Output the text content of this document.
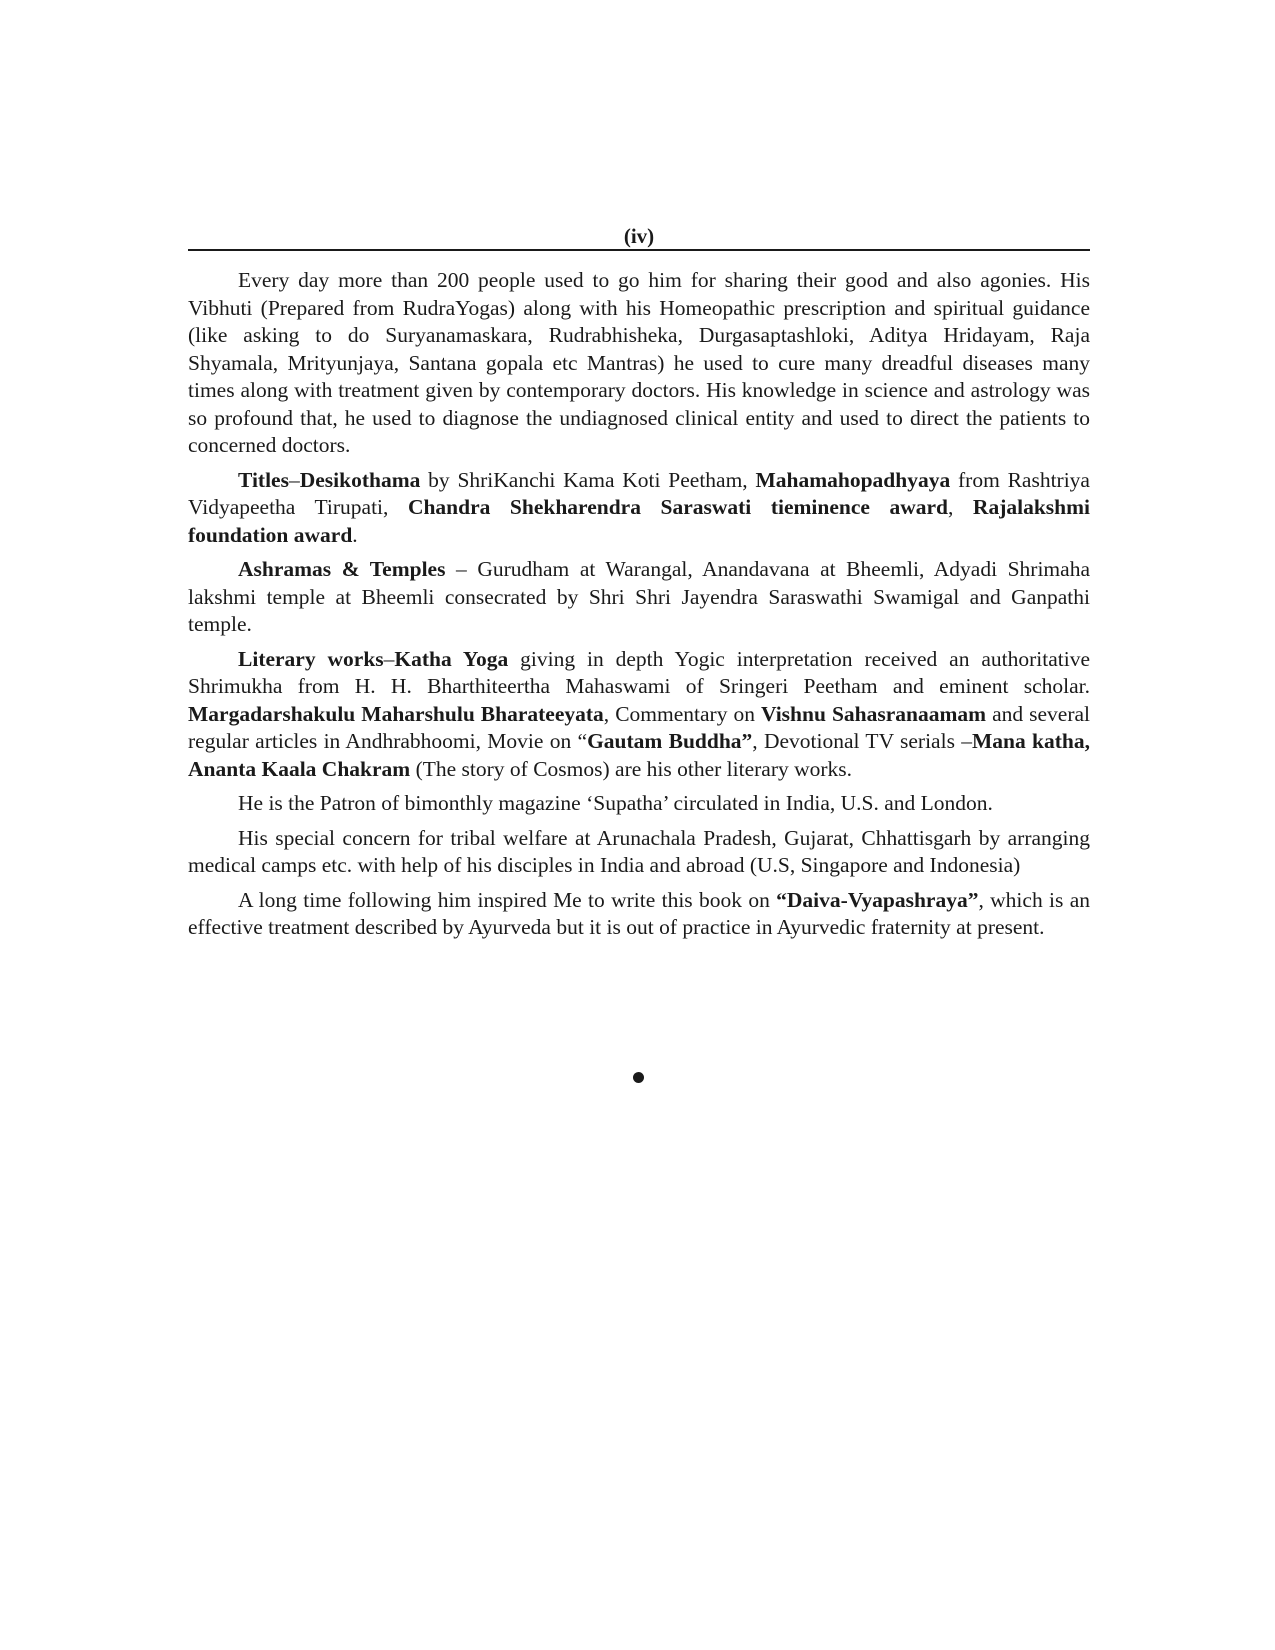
(iv)

Every day more than 200 people used to go him for sharing their good and also agonies. His Vibhuti (Prepared from RudraYogas) along with his Homeopathic prescription and spiritual guidance (like asking to do Suryanamaskara, Rudrabhisheka, Durgasaptashloki, Aditya Hridayam, Raja Shyamala, Mrityunjaya, Santana gopala etc Mantras) he used to cure many dreadful diseases many times along with treatment given by contemporary doctors. His knowledge in science and astrology was so profound that, he used to diagnose the undiagnosed clinical entity and used to direct the patients to concerned doctors.

Titles–Desikothama by ShriKanchi Kama Koti Peetham, Mahamahopadhyaya from Rashtriya Vidyapeetha Tirupati, Chandra Shekharendra Saraswati tieminence award, Rajalakshmi foundation award.

Ashramas & Temples – Gurudham at Warangal, Anandavana at Bheemli, Adyadi Shrimaha lakshmi temple at Bheemli consecrated by Shri Shri Jayendra Saraswathi Swamigal and Ganpathi temple.

Literary works–Katha Yoga giving in depth Yogic interpretation received an authoritative Shrimukha from H. H. Bharthiteertha Mahaswami of Sringeri Peetham and eminent scholar. Margadarshakulu Maharshulu Bharateeyata, Commentary on Vishnu Sahasranaamam and several regular articles in Andhrabhoomi, Movie on “Gautam Buddha”, Devotional TV serials –Mana katha, Ananta Kaala Chakram (The story of Cosmos) are his other literary works.

He is the Patron of bimonthly magazine ‘Supatha’ circulated in India, U.S. and London.

His special concern for tribal welfare at Arunachala Pradesh, Gujarat, Chhattisgarh by arranging medical camps etc. with help of his disciples in India and abroad (U.S, Singapore and Indonesia)

A long time following him inspired Me to write this book on “Daiva-Vyapashraya”, which is an effective treatment described by Ayurveda but it is out of practice in Ayurvedic fraternity at present.
